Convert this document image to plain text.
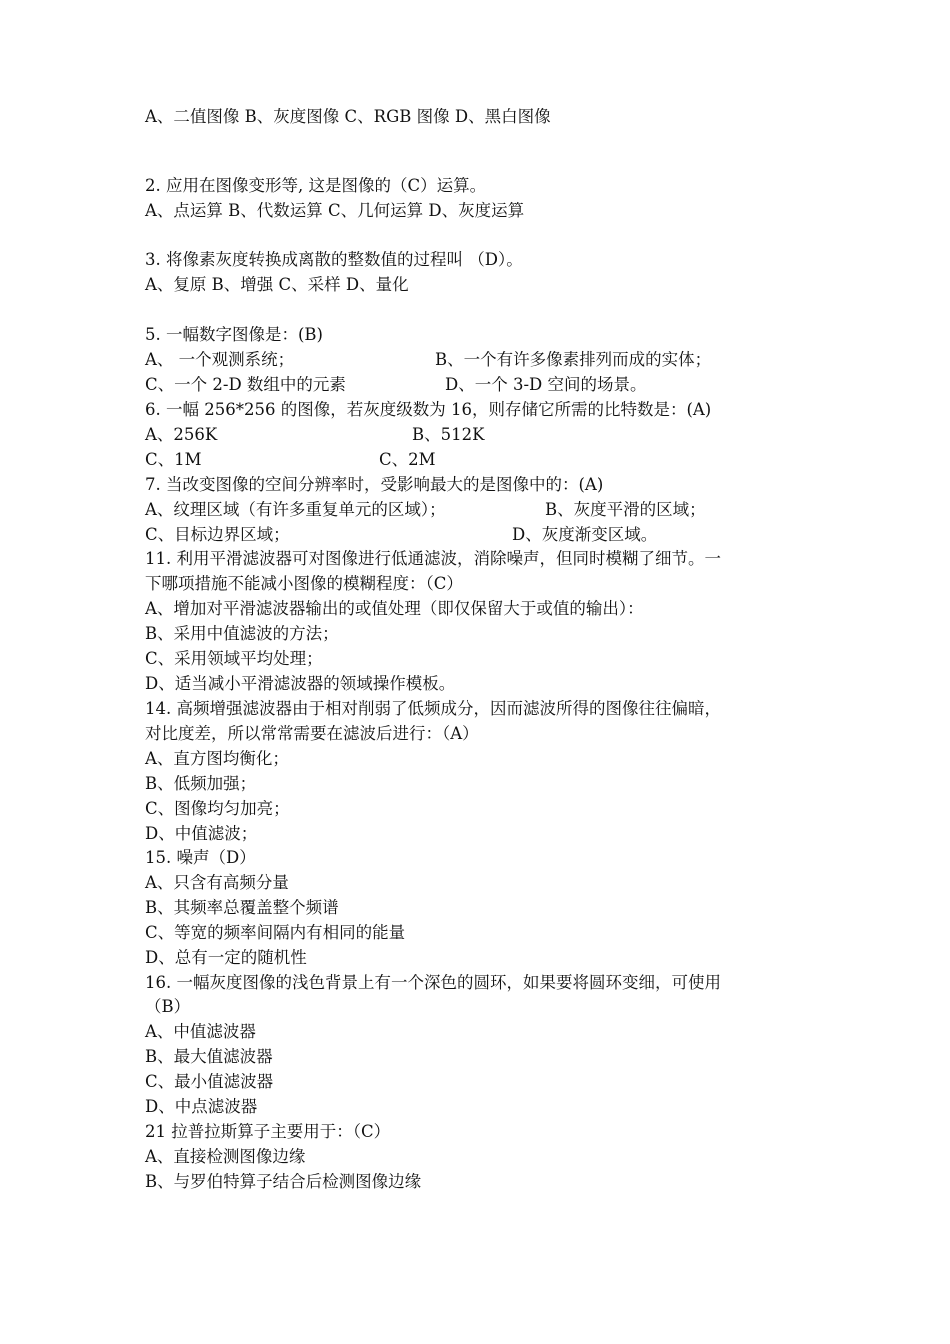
A、二值图像 B、灰度图像 C、RGB 图像 D、黑白图像

2. 应用在图像变形等, 这是图像的（C）运算。

A、点运算 B、代数运算 C、几何运算 D、灰度运算

3. 将像素灰度转换成离散的整数值的过程叫 （D）。

A、复原 B、增强 C、采样 D、量化

5. 一幅数字图像是：(B)

A、 一个观测系统；	B、一个有许多像素排列而成的实体；
C、一个 2-D 数组中的元素	D、一个 3-D 空间的场景。

6. 一幅 256*256 的图像，若灰度级数为 16，则存储它所需的比特数是：(A)

A、256K	B、512K
C、1M	C、2M

7. 当改变图像的空间分辨率时，受影响最大的是图像中的：(A)

A、纹理区域（有许多重复单元的区域）；	B、灰度平滑的区域；
C、目标边界区域；	D、灰度渐变区域。

11. 利用平滑滤波器可对图像进行低通滤波，消除噪声，但同时模糊了细节。一

下哪项措施不能减小图像的模糊程度：（C）

A、增加对平滑滤波器输出的或值处理（即仅保留大于或值的输出）：

B、采用中值滤波的方法；

C、采用领域平均处理；

D、适当减小平滑滤波器的领域操作模板。

14. 高频增强滤波器由于相对削弱了低频成分，因而滤波所得的图像往往偏暗，

对比度差，所以常常需要在滤波后进行：（A）

A、直方图均衡化；

B、低频加强；

C、图像均匀加亮；

D、中值滤波；

15. 噪声（D）

A、只含有高频分量

B、其频率总覆盖整个频谱

C、等宽的频率间隔内有相同的能量

D、总有一定的随机性

16. 一幅灰度图像的浅色背景上有一个深色的圆环，如果要将圆环变细，可使用

（B）

A、中值滤波器

B、最大值滤波器

C、最小值滤波器

D、中点滤波器

21 拉普拉斯算子主要用于：（C）

A、直接检测图像边缘

B、与罗伯特算子结合后检测图像边缘
